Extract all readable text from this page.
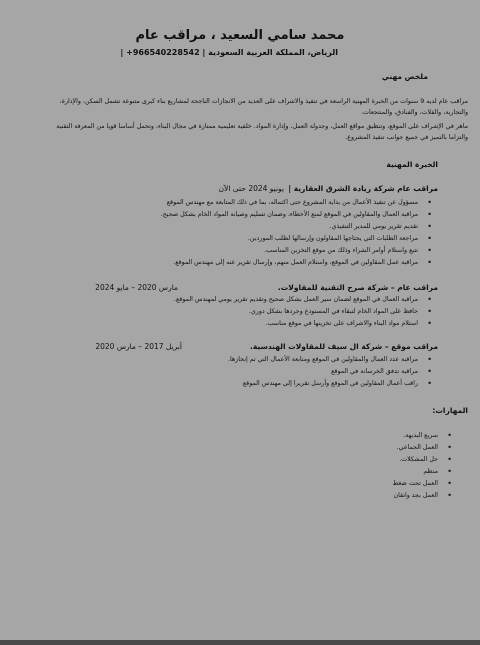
محمد سامي السعيد ، مراقب عام
الرياض، المملكة العربية السعودية | 966540228542+ |
ملخص مهني
مراقب عام لديه 9 سنوات من الخبرة المهنية الراسعة في تنفيذ والاشراف على العديد من الانجازات الناجحة لمشاريع بناء كبرى متنوعة تشمل السكن، والإدارة،
والتجارية، والفلات، والفنادق، والمنتجعات.
ماهر في الإشراف على الموقع، وتنظيق مواقع العمل، وجدولة العمل، وإدارة المواد. خلفية تعليمية ممتازة في مجال البناء، وتحمل أساسا قويا من المعرفة التقنية
والتزاما بالتميز في جميع جوانب تنفيذ المشروع.
الخبرة المهنية
مراقب عام شركة ريادة الشرق العقارية |
يونيو 2024 حتى الآن
• مسؤول عن تنفيذ الأعمال من بداية المشروع حتى اكتماله، بما في ذلك المتابعة مع مهندس الموقع
• مراقبة العمال والمقاولين في الموقع لمنع الأخطاء، وضمان تسليم وصيانة المواد الخام بشكل صحيح.
• تقديم تقرير يومي للمدير التنفيذي.
• مراجعة الطلبات التي يحتاجها المقاولون وإرسالها لطلب الموردين.
• تتبع واستلام أوامر الشراء وذلك من موقع التخزين المناسب.
• مراقبة عمل المقاولين في الموقع، واستلام العمل منهم، وإرسال تقرير عنه إلى مهندس الموقع.
مراقب عام – شركة صرح التقنية للمقاولات.
مارس 2020 – مايو 2024
• مراقبة العمال في الموقع لضمان سير العمل بشكل صحيح وتقديم تقرير يومي لمهندس الموقع.
• حافظ على المواد الخام لتبقاء في المستودع وجردها بشكل دوري.
• استلام مواد البناء والاشراف على تخزينها في موقع مناسب.
مراقب موقع – شركة ال سيف للمقاولات الهندسية.
أبريل 2017 – مارس 2020
• مراقبة عدد العمال والمقاولين في الموقع ومتابعة الأعمال التي تم إنجازها.
• مراقبة تدفق الخرسانة في الموقع
• راقب أعمال المقاولين في الموقع وأرسل تقريرا إلى مهندس الموقع
المهارات:
• سريع البديهة.
• العمل الجماعي.
• حل المشكلات.
• منظم
• العمل تحت ضغط
• العمل بجد واتقان
